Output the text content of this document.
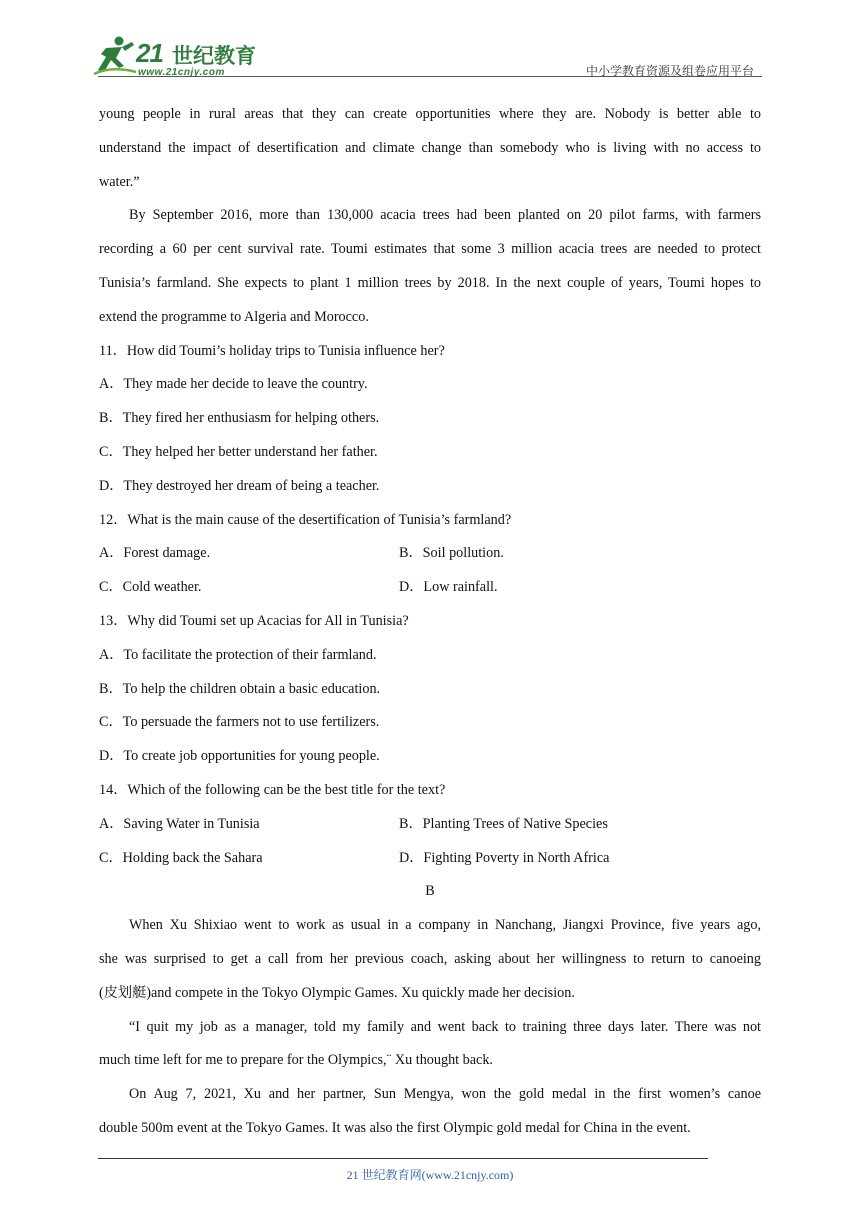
21 世纪教育
www.21cnjy.com	中小学教育资源及组卷应用平台
young people in rural areas that they can create opportunities where they are. Nobody is better able to
understand the impact of desertification and climate change than somebody who is living with no access to
water.”
By September 2016, more than 130,000 acacia trees had been planted on 20 pilot farms, with farmers
recording a 60 per cent survival rate. Toumi estimates that some 3 million acacia trees are needed to protect
Tunisia’s farmland. She expects to plant 1 million trees by 2018. In the next couple of years, Toumi hopes to
extend the programme to Algeria and Morocco.
11．How did Toumi’s holiday trips to Tunisia influence her?
A．They made her decide to leave the country.
B．They fired her enthusiasm for helping others.
C．They helped her better understand her father.
D．They destroyed her dream of being a teacher.
12．What is the main cause of the desertification of Tunisia’s farmland?
A．Forest damage.	B．Soil pollution.
C．Cold weather.	D．Low rainfall.
13．Why did Toumi set up Acacias for All in Tunisia?
A．To facilitate the protection of their farmland.
B．To help the children obtain a basic education.
C．To persuade the farmers not to use fertilizers.
D．To create job opportunities for young people.
14．Which of the following can be the best title for the text?
A．Saving Water in Tunisia	B．Planting Trees of Native Species
C．Holding back the Sahara	D．Fighting Poverty in North Africa
B
When Xu Shixiao went to work as usual in a company in Nanchang, Jiangxi Province, five years ago,
she was surprised to get a call from her previous coach, asking about her willingness to return to canoeing
(皮划艇)and compete in the Tokyo Olympic Games. Xu quickly made her decision.
“I quit my job as a manager, told my family and went back to training three days later. There was not
much time left for me to prepare for the Olympics,¨ Xu thought back.
On Aug 7, 2021, Xu and her partner, Sun Mengya, won the gold medal in the first women’s canoe
double 500m event at the Tokyo Games. It was also the first Olympic gold medal for China in the event.
21 世纪教育网(www.21cnjy.com)
